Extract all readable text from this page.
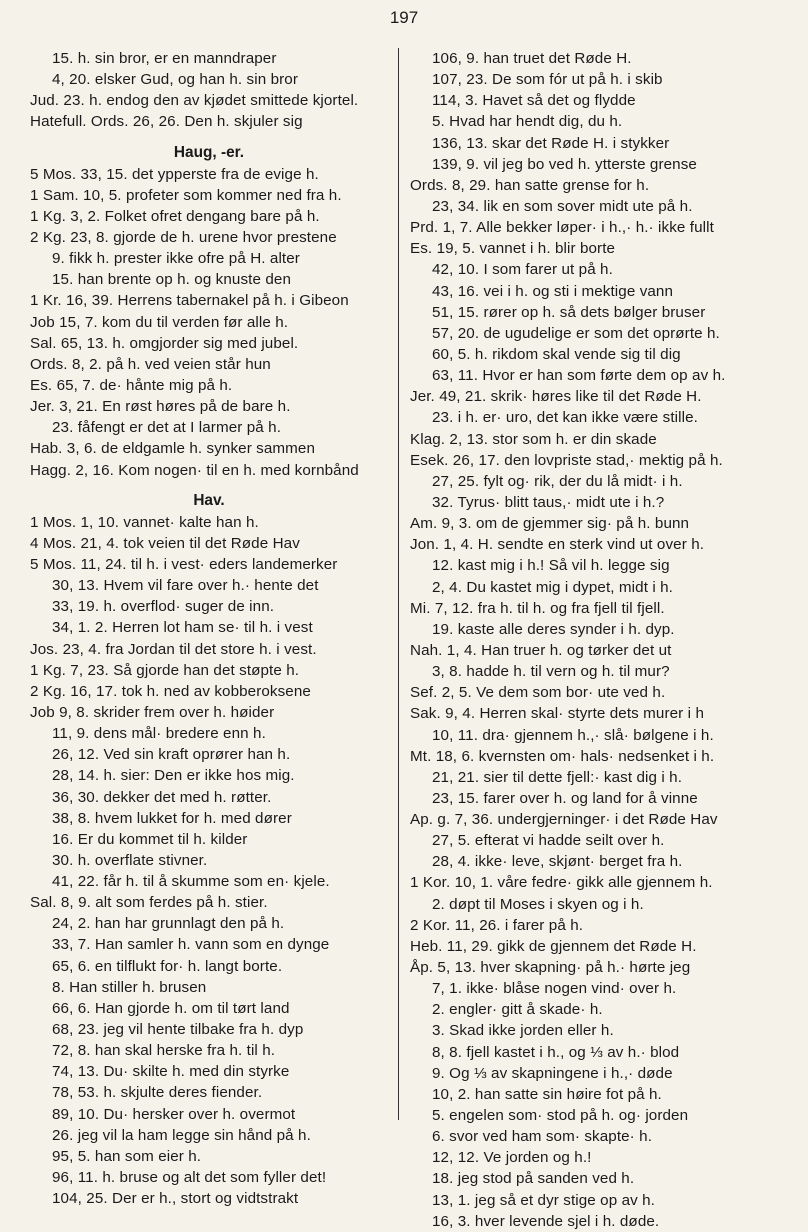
197
15. h. sin bror, er en manndraper
4, 20. elsker Gud, og han h. sin bror
Jud. 23. h. endog den av kjødet smittede kjortel.
Hatefull. Ords. 26, 26. Den h. skjuler sig
Haug, -er.
5 Mos. 33, 15. det ypperste fra de evige h.
1 Sam. 10, 5. profeter som kommer ned fra h.
1 Kg. 3, 2. Folket ofret dengang bare på h.
2 Kg. 23, 8. gjorde de h. urene hvor prestene
9. fikk h. prester ikke ofre på H. alter
15. han brente op h. og knuste den
1 Kr. 16, 39. Herrens tabernakel på h. i Gibeon
Job 15, 7. kom du til verden før alle h.
Sal. 65, 13. h. omgjorder sig med jubel.
Ords. 8, 2. på h. ved veien står hun
Es. 65, 7. de· hånte mig på h.
Jer. 3, 21. En røst høres på de bare h.
23. fåfengt er det at I larmer på h.
Hab. 3, 6. de eldgamle h. synker sammen
Hagg. 2, 16. Kom nogen· til en h. med kornbånd
Hav.
1 Mos. 1, 10. vannet· kalte han h.
4 Mos. 21, 4. tok veien til det Røde Hav
5 Mos. 11, 24. til h. i vest· eders landemerker
30, 13. Hvem vil fare over h.· hente det
33, 19. h. overflod· suger de inn.
34, 1. 2. Herren lot ham se· til h. i vest
Jos. 23, 4. fra Jordan til det store h. i vest.
1 Kg. 7, 23. Så gjorde han det støpte h.
2 Kg. 16, 17. tok h. ned av kobberoksene
Job 9, 8. skrider frem over h. høider
11, 9. dens mål· bredere enn h.
26, 12. Ved sin kraft oprører han h.
28, 14. h. sier: Den er ikke hos mig.
36, 30. dekker det med h. røtter.
38, 8. hvem lukket for h. med dører
16. Er du kommet til h. kilder
30. h. overflate stivner.
41, 22. får h. til å skumme som en· kjele.
Sal. 8, 9. alt som ferdes på h. stier.
24, 2. han har grunnlagt den på h.
33, 7. Han samler h. vann som en dynge
65, 6. en tilflukt for· h. langt borte.
8. Han stiller h. brusen
66, 6. Han gjorde h. om til tørt land
68, 23. jeg vil hente tilbake fra h. dyp
72, 8. han skal herske fra h. til h.
74, 13. Du· skilte h. med din styrke
78, 53. h. skjulte deres fiender.
89, 10. Du· hersker over h. overmot
26. jeg vil la ham legge sin hånd på h.
95, 5. han som eier h.
96, 11. h. bruse og alt det som fyller det!
104, 25. Der er h., stort og vidtstrakt
106, 9. han truet det Røde H.
107, 23. De som fór ut på h. i skib
114, 3. Havet så det og flydde
5. Hvad har hendt dig, du h.
136, 13. skar det Røde H. i stykker
139, 9. vil jeg bo ved h. ytterste grense
Ords. 8, 29. han satte grense for h.
23, 34. lik en som sover midt ute på h.
Prd. 1, 7. Alle bekker løper· i h.,· h.· ikke fullt
Es. 19, 5. vannet i h. blir borte
42, 10. I som farer ut på h.
43, 16. vei i h. og sti i mektige vann
51, 15. rører op h. så dets bølger bruser
57, 20. de ugudelige er som det oprørte h.
60, 5. h. rikdom skal vende sig til dig
63, 11. Hvor er han som førte dem op av h.
Jer. 49, 21. skrik· høres like til det Røde H.
23. i h. er· uro, det kan ikke være stille.
Klag. 2, 13. stor som h. er din skade
Esek. 26, 17. den lovpriste stad,· mektig på h.
27, 25. fylt og· rik, der du lå midt· i h.
32. Tyrus· blitt taus,· midt ute i h.?
Am. 9, 3. om de gjemmer sig· på h. bunn
Jon. 1, 4. H. sendte en sterk vind ut over h.
12. kast mig i h.! Så vil h. legge sig
2, 4. Du kastet mig i dypet, midt i h.
Mi. 7, 12. fra h. til h. og fra fjell til fjell.
19. kaste alle deres synder i h. dyp.
Nah. 1, 4. Han truer h. og tørker det ut
3, 8. hadde h. til vern og h. til mur?
Sef. 2, 5. Ve dem som bor· ute ved h.
Sak. 9, 4. Herren skal· styrte dets murer i h
10, 11. dra· gjennem h.,· slå· bølgene i h.
Mt. 18, 6. kvernsten om· hals· nedsenket i h.
21, 21. sier til dette fjell:· kast dig i h.
23, 15. farer over h. og land for å vinne
Ap. g. 7, 36. undergjerninger· i det Røde Hav
27, 5. efterat vi hadde seilt over h.
28, 4. ikke· leve, skjønt· berget fra h.
1 Kor. 10, 1. våre fedre· gikk alle gjennem h.
2. døpt til Moses i skyen og i h.
2 Kor. 11, 26. i farer på h.
Heb. 11, 29. gikk de gjennem det Røde H.
Åp. 5, 13. hver skapning· på h.· hørte jeg
7, 1. ikke· blåse nogen vind· over h.
2. engler· gitt å skade· h.
3. Skad ikke jorden eller h.
8, 8. fjell kastet i h., og ⅓ av h.· blod
9. Og ⅓ av skapningene i h.,· døde
10, 2. han satte sin høire fot på h.
5. engelen som· stod på h. og· jorden
6. svor ved ham som· skapte· h.
12, 12. Ve jorden og h.!
18. jeg stod på sanden ved h.
13, 1. jeg så et dyr stige op av h.
16, 3. hver levende sjel i h. døde.
